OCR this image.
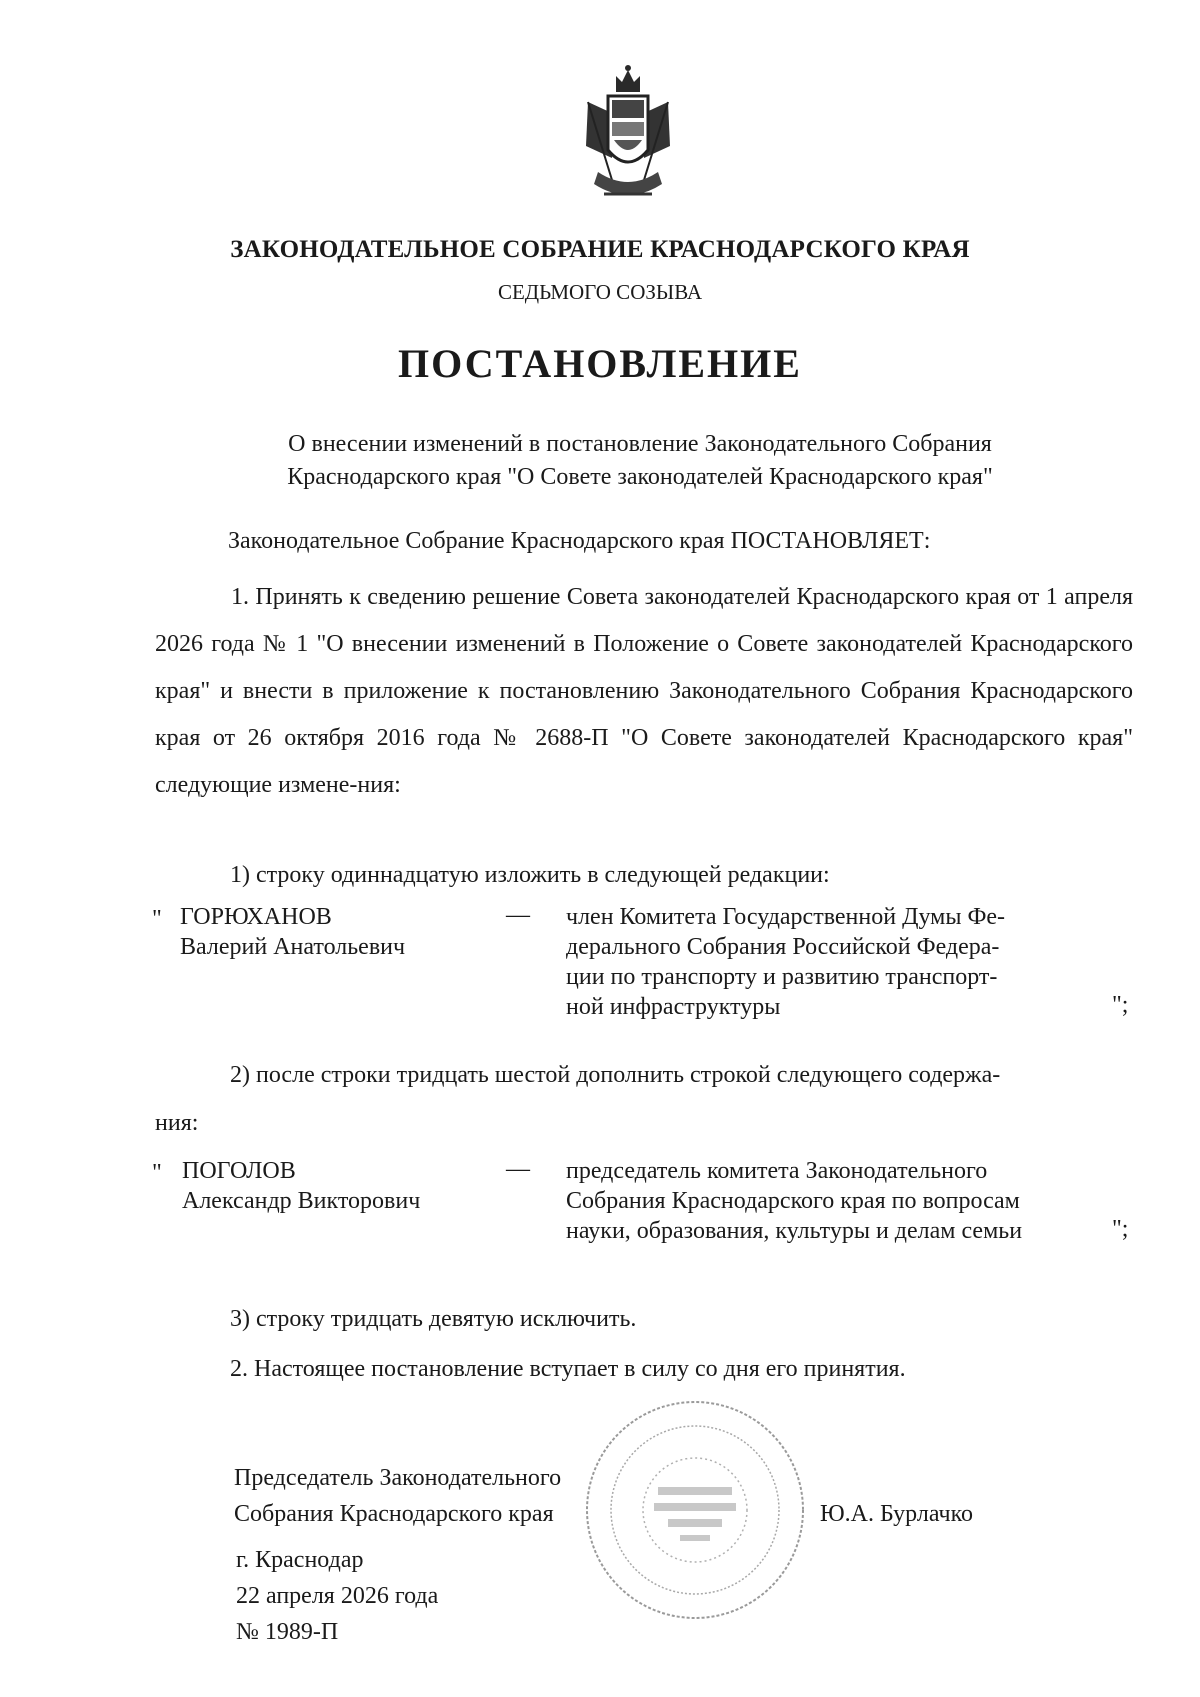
ЗАКОНОДАТЕЛЬНОЕ СОБРАНИЕ КРАСНОДАРСКОГО КРАЯ
СЕДЬМОГО СОЗЫВА
ПОСТАНОВЛЕНИЕ
О внесении изменений в постановление Законодательного Собрания
Краснодарского края "О Совете законодателей Краснодарского края"
Законодательное Собрание Краснодарского края ПОСТАНОВЛЯЕТ:
1. Принять к сведению решение Совета законодателей Краснодарского края от 1 апреля 2026 года № 1 "О внесении изменений в Положение о Совете законодателей Краснодарского края" и внести в приложение к постановлению Законодательного Собрания Краснодарского края от 26 октября 2016 года № 2688-П "О Совете законодателей Краснодарского края" следующие измене-ния:
1) строку одиннадцатую изложить в следующей редакции:
" ГОРЮХАНОВ
Валерий Анатольевич
— член Комитета Государственной Думы Фе-
дерального Собрания Российской Федера-
ции по транспорту и развитию транспорт-
ной инфраструктуры	";
2) после строки тридцать шестой дополнить строкой следующего содержа-
ния:
" ПОГОЛОВ
Александр Викторович
— председатель комитета Законодательного
Собрания Краснодарского края по вопросам
науки, образования, культуры и делам семьи	";
3) строку тридцать девятую исключить.
2. Настоящее постановление вступает в силу со дня его принятия.
Председатель Законодательного
Собрания Краснодарского края	Ю.А. Бурлачко
г. Краснодар
22 апреля 2026 года
№ 1989-П
